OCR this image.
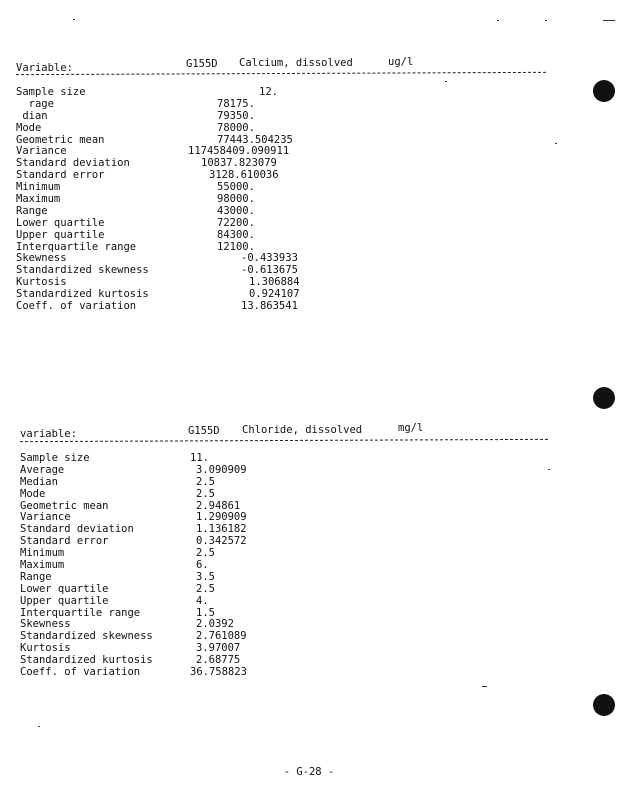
Variable:	G155D Calcium, dissolved	ug/l
Sample size	12.
rage	78175.
dian	79350.
Mode	78000.
Geometric mean	77443.504235
Variance	117458409.090911
Standard deviation	10837.823079
Standard error	3128.610036
Minimum	55000.
Maximum	98000.
Range	43000.
Lower quartile	72200.
Upper quartile	84300.
Interquartile range	12100.
Skewness	-0.433933
Standardized skewness	-0.613675
Kurtosis	1.306884
Standardized kurtosis	0.924107
Coeff. of variation	13.863541
variable:	G155D Chloride, dissolved	mg/l
Sample size	11.
Average	3.090909
Median	2.5
Mode	2.5
Geometric mean	2.94861
Variance	1.290909
Standard deviation	1.136182
Standard error	0.342572
Minimum	2.5
Maximum	6.
Range	3.5
Lower quartile	2.5
Upper quartile	4.
Interquartile range	1.5
Skewness	2.0392
Standardized skewness	2.761089
Kurtosis	3.97007
Standardized kurtosis	2.68775
Coeff. of variation	36.758823
- G-28 -
